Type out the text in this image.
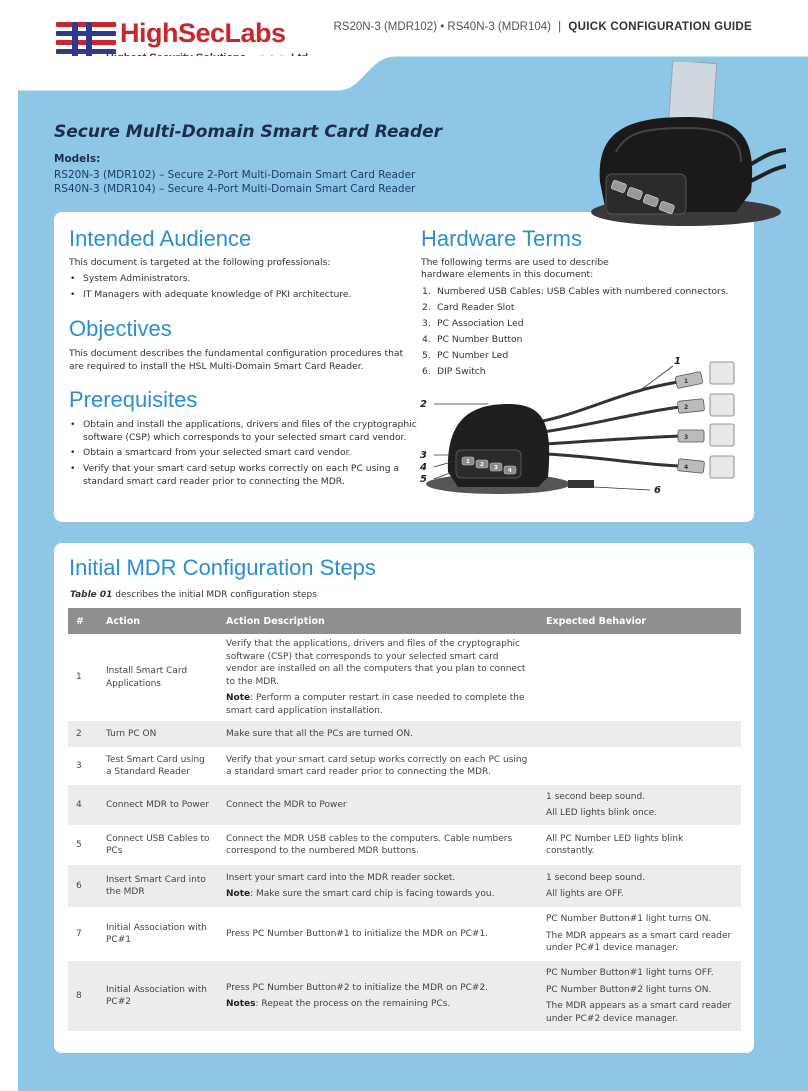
HighSecLabs	RS20N-3 (MDR102) • RS40N-3 (MDR104) | QUICK CONFIGURATION GUIDE
Secure Multi-Domain Smart Card Reader
Models:
RS20N-3 (MDR102) – Secure 2-Port Multi-Domain Smart Card Reader
RS40N-3 (MDR104) – Secure 4-Port Multi-Domain Smart Card Reader
Intended Audience
This document is targeted at the following professionals:
• System Administrators.
• IT Managers with adequate knowledge of PKI architecture.
Objectives
This document describes the fundamental configuration procedures that
are required to install the HSL Multi-Domain Smart Card Reader.
Prerequisites
• Obtain and install the applications, drivers and files of the cryptographic
software (CSP) which corresponds to your selected smart card vendor.
• Obtain a smartcard from your selected smart card vendor.
• Verify that your smart card setup works correctly on each PC using a
standard smart card reader prior to connecting the MDR.
Hardware Terms
The following terms are used to describe
hardware elements in this document:
1. Numbered USB Cables: USB Cables with numbered connectors.
2. Card Reader Slot
3. PC Association Led
4. PC Number Button
5. PC Number Led
6. DIP Switch
1
2
3
4
1 2 3 4
1
2
3
4
5
6
Initial MDR Configuration Steps
Table 01 describes the initial MDR configuration steps
#	Action	Action Description	Expected Behavior
1	Install Smart Card Applications	Verify that the applications, drivers and files of the cryptographic software (CSP) that corresponds to your selected smart card vendor are installed on all the computers that you plan to connect to the MDR.
Note: Perform a computer restart in case needed to complete the smart card application installation.	

2	Turn PC ON	Make sure that all the PCs are turned ON.	
3	Test Smart Card using a Standard Reader	Verify that your smart card setup works correctly on each PC using a standard smart card reader prior to connecting the MDR.	
4	Connect MDR to Power	Connect the MDR to Power	1 second beep sound.
All LED lights blink once.

5	Connect USB Cables to PCs	Connect the MDR USB cables to the computers. Cable numbers correspond to the numbered MDR buttons.	All PC Number LED lights blink constantly.

6	Insert Smart Card into the MDR	Insert your smart card into the MDR reader socket.
Note: Make sure the smart card chip is facing towards you.	1 second beep sound.
All lights are OFF.

7	Initial Association with PC#1	Press PC Number Button#1 to initialize the MDR on PC#1.	PC Number Button#1 light turns ON.
The MDR appears as a smart card reader under PC#1 device manager.

8	Initial Association with PC#2	Press PC Number Button#2 to initialize the MDR on PC#2.
Notes: Repeat the process on the remaining PCs.	PC Number Button#1 light turns OFF.
PC Number Button#2 light turns ON.
The MDR appears as a smart card reader under PC#2 device manager.
